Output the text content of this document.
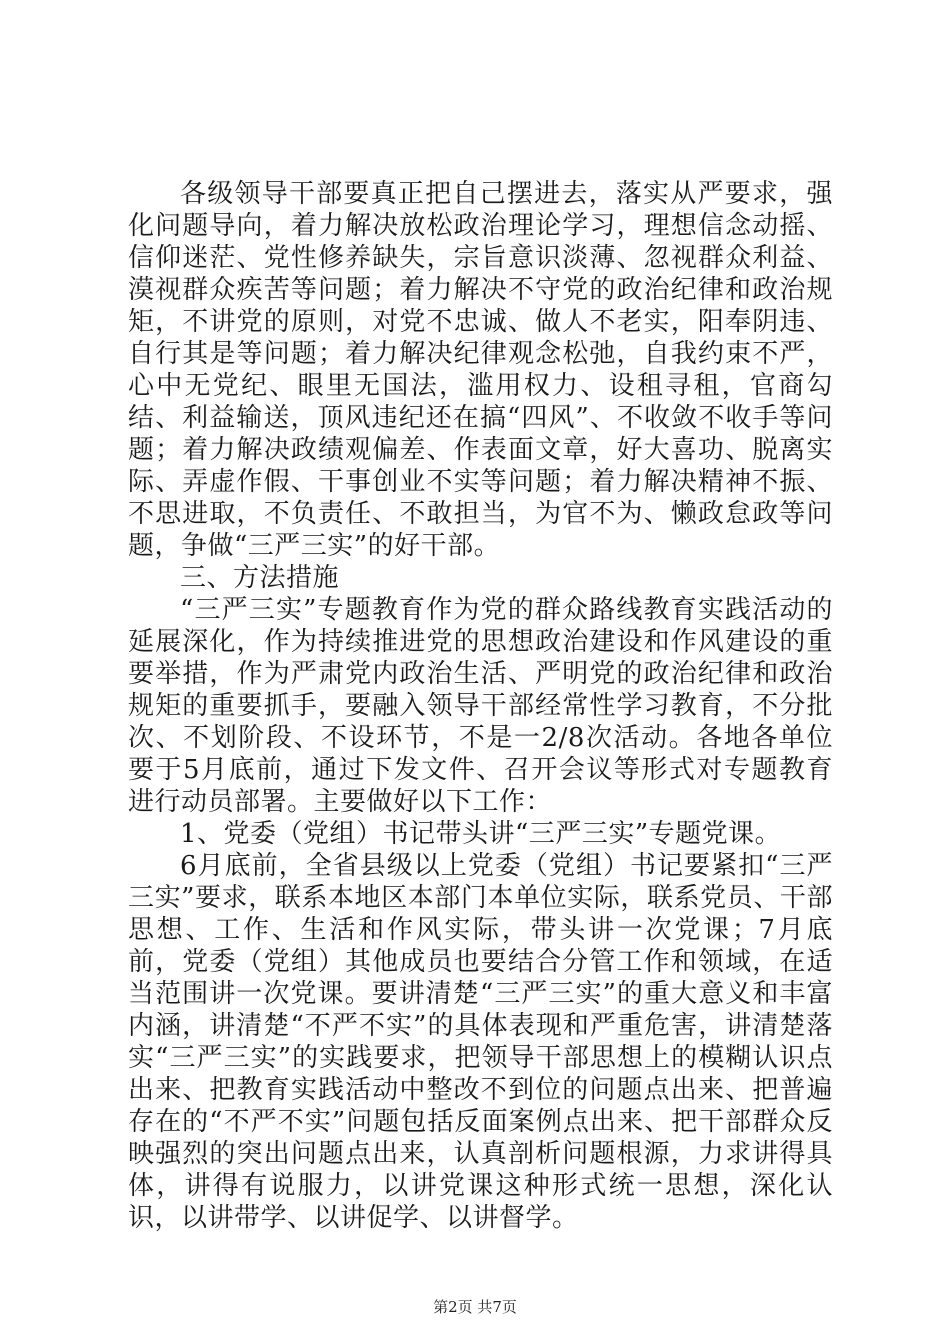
各级领导干部要真正把自己摆进去，落实从严要求，强化问题导向，着力解决放松政治理论学习，理想信念动摇、信仰迷茫、党性修养缺失，宗旨意识淡薄、忽视群众利益、漠视群众疾苦等问题；着力解决不守党的政治纪律和政治规矩，不讲党的原则，对党不忠诚、做人不老实，阳奉阴违、自行其是等问题；着力解决纪律观念松弛，自我约束不严，心中无党纪、眼里无国法，滥用权力、设租寻租，官商勾结、利益输送，顶风违纪还在搞“四风”、不收敛不收手等问题；着力解决政绩观偏差、作表面文章，好大喜功、脱离实际、弄虚作假、干事创业不实等问题；着力解决精神不振、不思进取，不负责任、不敢担当，为官不为、懒政怠政等问题，争做“三严三实”的好干部。

三、方法措施

“三严三实”专题教育作为党的群众路线教育实践活动的延展深化，作为持续推进党的思想政治建设和作风建设的重要举措，作为严肃党内政治生活、严明党的政治纪律和政治规矩的重要抓手，要融入领导干部经常性学习教育，不分批次、不划阶段、不设环节，不是一2/8次活动。各地各单位要于5月底前，通过下发文件、召开会议等形式对专题教育进行动员部署。主要做好以下工作：

1、党委（党组）书记带头讲“三严三实”专题党课。

6月底前，全省县级以上党委（党组）书记要紧扣“三严三实”要求，联系本地区本部门本单位实际，联系党员、干部思想、工作、生活和作风实际，带头讲一次党课；7月底前，党委（党组）其他成员也要结合分管工作和领域，在适当范围讲一次党课。要讲清楚“三严三实”的重大意义和丰富内涵，讲清楚“不严不实”的具体表现和严重危害，讲清楚落实“三严三实”的实践要求，把领导干部思想上的模糊认识点出来、把教育实践活动中整改不到位的问题点出来、把普遍存在的“不严不实”问题包括反面案例点出来、把干部群众反映强烈的突出问题点出来，认真剖析问题根源，力求讲得具体，讲得有说服力，以讲党课这种形式统一思想，深化认识，以讲带学、以讲促学、以讲督学。

第2页 共7页
